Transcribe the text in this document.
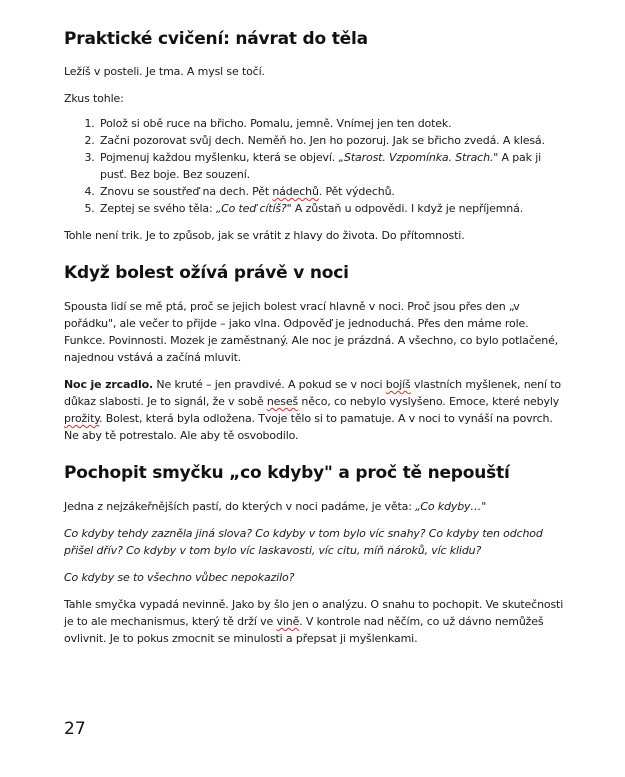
Praktické cvičení: návrat do těla

Ležíš v posteli. Je tma. A mysl se točí.

Zkus tohle:

1. Polož si obě ruce na břicho. Pomalu, jemně. Vnímej jen ten dotek.
2. Začni pozorovat svůj dech. Neměň ho. Jen ho pozoruj. Jak se břicho zvedá. A klesá.
3. Pojmenuj každou myšlenku, která se objeví. „Starost. Vzpomínka. Strach." A pak ji pusť. Bez boje. Bez souzení.
4. Znovu se soustřeď na dech. Pět nádechů. Pět výdechů.
5. Zeptej se svého těla: „Co teď cítíš?" A zůstaň u odpovědi. I když je nepříjemná.

Tohle není trik. Je to způsob, jak se vrátit z hlavy do života. Do přítomnosti.

Když bolest ožívá právě v noci

Spousta lidí se mě ptá, proč se jejich bolest vrací hlavně v noci. Proč jsou přes den „v pořádku", ale večer to přijde – jako vlna. Odpověď je jednoduchá. Přes den máme role. Funkce. Povinnosti. Mozek je zaměstnaný. Ale noc je prázdná. A všechno, co bylo potlačené, najednou vstává a začíná mluvit.

Noc je zrcadlo. Ne kruté – jen pravdivé. A pokud se v noci bojíš vlastních myšlenek, není to důkaz slabosti. Je to signál, že v sobě neseš něco, co nebylo vyslyšeno. Emoce, které nebyly prožity. Bolest, která byla odložena. Tvoje tělo si to pamatuje. A v noci to vynáší na povrch. Ne aby tě potrestalo. Ale aby tě osvobodilo.

Pochopit smyčku „co kdyby" a proč tě nepouští

Jedna z nejzákeřnějších pastí, do kterých v noci padáme, je věta: „Co kdyby…"

Co kdyby tehdy zazněla jiná slova? Co kdyby v tom bylo víc snahy? Co kdyby ten odchod přišel dřív? Co kdyby v tom bylo víc laskavosti, víc citu, míň nároků, víc klidu?

Co kdyby se to všechno vůbec nepokazilo?

Tahle smyčka vypadá nevinně. Jako by šlo jen o analýzu. O snahu to pochopit. Ve skutečnosti je to ale mechanismus, který tě drží ve vině. V kontrole nad něčím, co už dávno nemůžeš ovlivnit. Je to pokus zmocnit se minulosti a přepsat ji myšlenkami.

27
